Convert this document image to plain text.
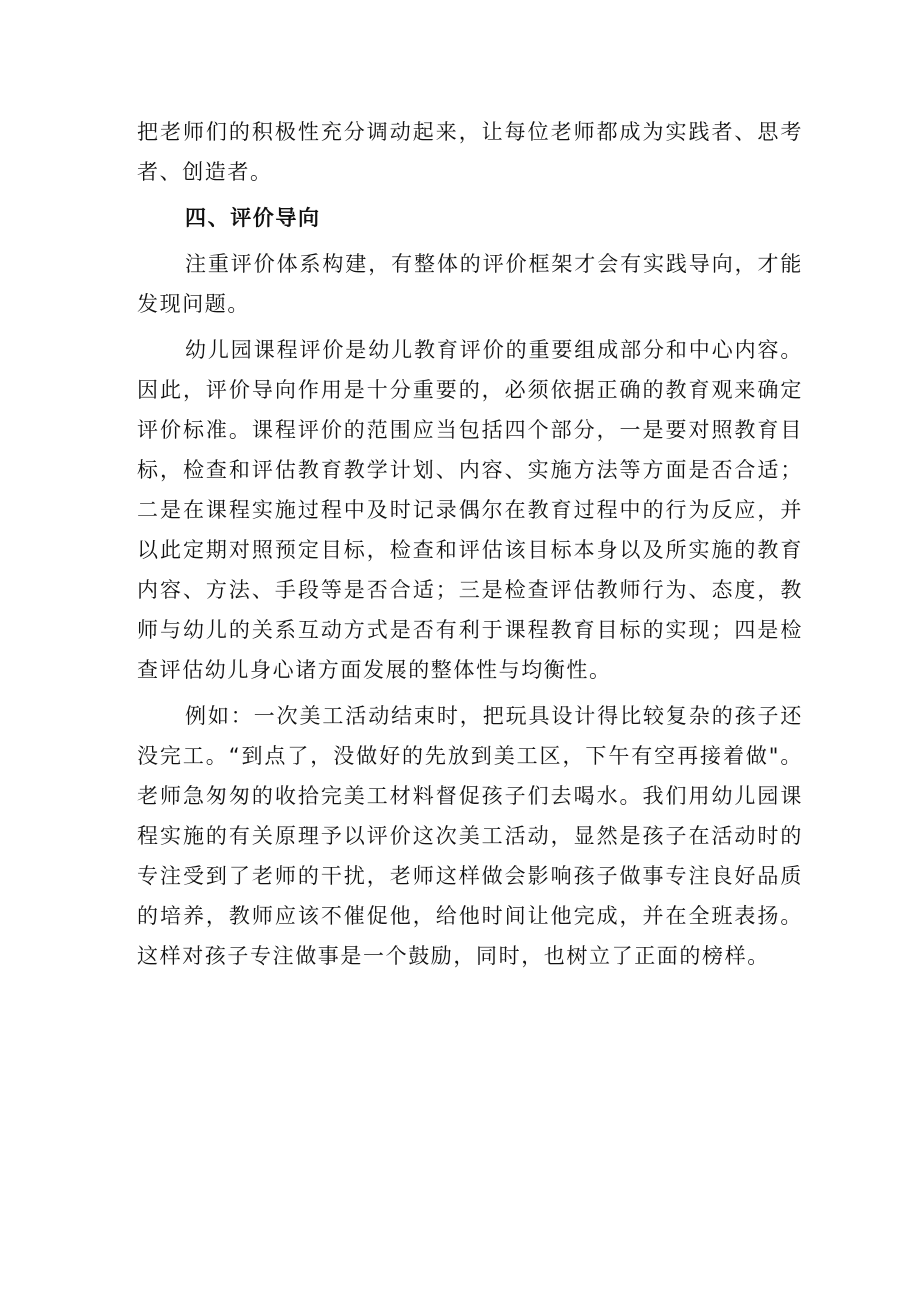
把老师们的积极性充分调动起来，让每位老师都成为实践者、思考者、创造者。

四、评价导向

注重评价体系构建，有整体的评价框架才会有实践导向，才能发现问题。

幼儿园课程评价是幼儿教育评价的重要组成部分和中心内容。因此，评价导向作用是十分重要的，必须依据正确的教育观来确定评价标准。课程评价的范围应当包括四个部分，一是要对照教育目标，检查和评估教育教学计划、内容、实施方法等方面是否合适；二是在课程实施过程中及时记录偶尔在教育过程中的行为反应，并以此定期对照预定目标，检查和评估该目标本身以及所实施的教育内容、方法、手段等是否合适；三是检查评估教师行为、态度，教师与幼儿的关系互动方式是否有利于课程教育目标的实现；四是检查评估幼儿身心诸方面发展的整体性与均衡性。

例如：一次美工活动结束时，把玩具设计得比较复杂的孩子还没完工。“到点了，没做好的先放到美工区，下午有空再接着做"。老师急匆匆的收拾完美工材料督促孩子们去喝水。我们用幼儿园课程实施的有关原理予以评价这次美工活动，显然是孩子在活动时的专注受到了老师的干扰，老师这样做会影响孩子做事专注良好品质的培养，教师应该不催促他，给他时间让他完成，并在全班表扬。这样对孩子专注做事是一个鼓励，同时，也树立了正面的榜样。
